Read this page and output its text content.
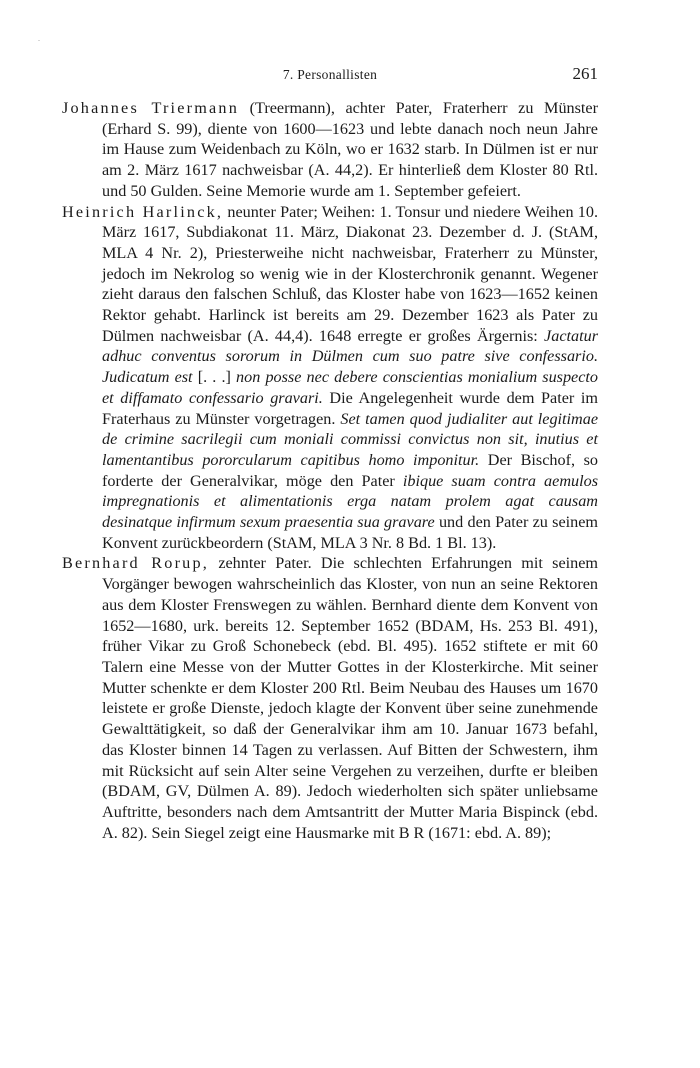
7. Personallisten	261

Johannes Triermann (Treermann), achter Pater, Fraterherr zu Münster (Erhard S. 99), diente von 1600—1623 und lebte danach noch neun Jahre im Hause zum Weidenbach zu Köln, wo er 1632 starb. In Dülmen ist er nur am 2. März 1617 nachweisbar (A. 44,2). Er hinterließ dem Kloster 80 Rtl. und 50 Gulden. Seine Memorie wurde am 1. September gefeiert.

Heinrich Harlinck, neunter Pater; Weihen: 1. Tonsur und niedere Weihen 10. März 1617, Subdiakonat 11. März, Diakonat 23. Dezember d. J. (StAM, MLA 4 Nr. 2), Priesterweihe nicht nachweisbar, Fraterherr zu Münster, jedoch im Nekrolog so wenig wie in der Klosterchronik genannt. Wegener zieht daraus den falschen Schluß, das Kloster habe von 1623—1652 keinen Rektor gehabt. Harlinck ist bereits am 29. Dezember 1623 als Pater zu Dülmen nachweisbar (A. 44,4). 1648 erregte er großes Ärgernis: Jactatur adhuc conventus sororum in Dülmen cum suo patre sive confessario. Judicatum est [. . .] non posse nec debere conscientias monialium suspecto et diffamato confessario gravari. Die Angelegenheit wurde dem Pater im Fraterhaus zu Münster vorgetragen. Set tamen quod judialiter aut legitimae de crimine sacrilegii cum moniali commissi convictus non sit, inutius et lamentantibus pororcularum capitibus homo imponitur. Der Bischof, so forderte der Generalvikar, möge den Pater ibique suam contra aemulos impregnationis et alimentationis erga natam prolem agat causam desinatque infirmum sexum praesentia sua gravare und den Pater zu seinem Konvent zurückbeordern (StAM, MLA 3 Nr. 8 Bd. 1 Bl. 13).

Bernhard Rorup, zehnter Pater. Die schlechten Erfahrungen mit seinem Vorgänger bewogen wahrscheinlich das Kloster, von nun an seine Rektoren aus dem Kloster Frenswegen zu wählen. Bernhard diente dem Konvent von 1652—1680, urk. bereits 12. September 1652 (BDAM, Hs. 253 Bl. 491), früher Vikar zu Groß Schonebeck (ebd. Bl. 495). 1652 stiftete er mit 60 Talern eine Messe von der Mutter Gottes in der Klosterkirche. Mit seiner Mutter schenkte er dem Kloster 200 Rtl. Beim Neubau des Hauses um 1670 leistete er große Dienste, jedoch klagte der Konvent über seine zunehmende Gewalttätigkeit, so daß der Generalvikar ihm am 10. Januar 1673 befahl, das Kloster binnen 14 Tagen zu verlassen. Auf Bitten der Schwestern, ihm mit Rücksicht auf sein Alter seine Vergehen zu verzeihen, durfte er bleiben (BDAM, GV, Dülmen A. 89). Jedoch wiederholten sich später unliebsame Auftritte, besonders nach dem Amtsantritt der Mutter Maria Bispinck (ebd. A. 82). Sein Siegel zeigt eine Hausmarke mit B R (1671: ebd. A. 89);
